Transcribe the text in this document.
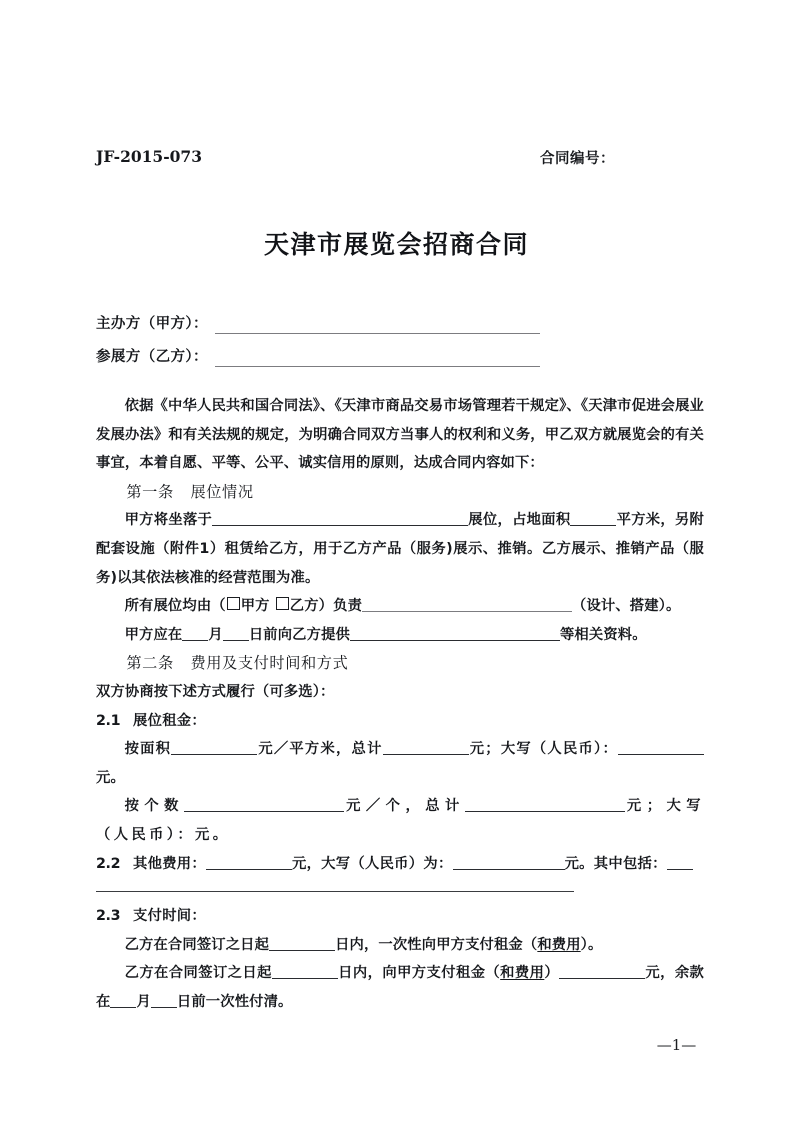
JF-2015-073	合同编号：
天津市展览会招商合同
主办方（甲方）：
参展方（乙方）：

依据《中华人民共和国合同法》、《天津市商品交易市场管理若干规定》、《天津市促进会展业发展办法》和有关法规的规定，为明确合同双方当事人的权利和义务，甲乙双方就展览会的有关事宜，本着自愿、平等、公平、诚实信用的原则，达成合同内容如下：

第一条 展位情况

甲方将坐落于	展位，占地面积	平方米，另附配套设施（附件1）租赁给乙方，用于乙方产品（服务)展示、推销。乙方展示、推销产品（服务)以其依法核准的经营范围为准。

所有展位均由（ 甲方 乙方）负责	（设计、搭建）。

甲方应在 月 日前向乙方提供	等相关资料。

第二条 费用及支付时间和方式

双方协商按下述方式履行（可多选）：

2.1 展位租金：

按面积	元／平方米，总计	元；大写（人民币）：元。

按个数	元／个，总计	元；大写（人民币）：元。

2.2 其他费用：	元，大写（人民币）为：	元。其中包括：

2.3 支付时间：

乙方在合同签订之日起	日内，一次性向甲方支付租金（和费用）。

乙方在合同签订之日起	日内，向甲方支付租金（和费用）	元，余款在 月 日前一次性付清。

—1—
